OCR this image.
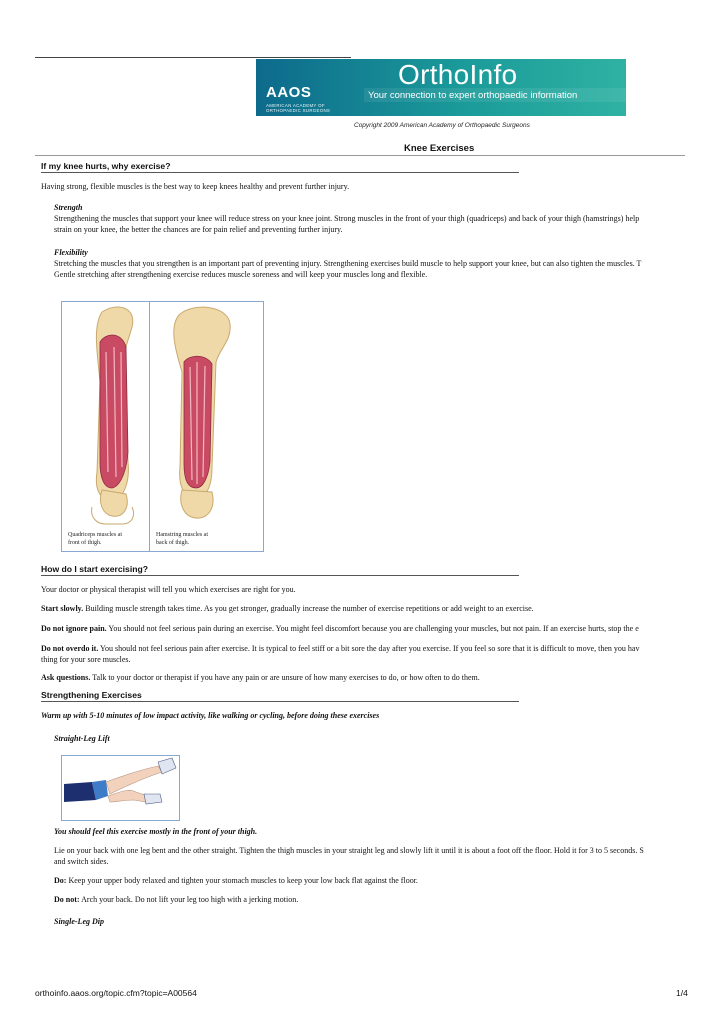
AAOS
AMERICAN ACADEMY OF
ORTHOPAEDIC SURGEONS
OrthoInfo
Your connection to expert orthopaedic information
Copyright 2009 American Academy of Orthopaedic Surgeons
Knee Exercises
If my knee hurts, why exercise?
Having strong, flexible muscles is the best way to keep knees healthy and prevent further injury.
Strength
Strengthening the muscles that support your knee will reduce stress on your knee joint. Strong muscles in the front of your thigh (quadriceps) and back of your thigh (hamstrings) help
strain on your knee, the better the chances are for pain relief and preventing further injury.
Flexibility
Stretching the muscles that you strengthen is an important part of preventing injury. Strengthening exercises build muscle to help support your knee, but can also tighten the muscles. T
Gentle stretching after strengthening exercise reduces muscle soreness and will keep your muscles long and flexible.
Quadriceps muscles at
front of thigh.
Hamstring muscles at
back of thigh.
How do I start exercising?
Your doctor or physical therapist will tell you which exercises are right for you.
Start slowly. Building muscle strength takes time. As you get stronger, gradually increase the number of exercise repetitions or add weight to an exercise.
Do not ignore pain. You should not feel serious pain during an exercise. You might feel discomfort because you are challenging your muscles, but not pain. If an exercise hurts, stop the e
Do not overdo it. You should not feel serious pain after exercise. It is typical to feel stiff or a bit sore the day after you exercise. If you feel so sore that it is difficult to move, then you hav
thing for your sore muscles.
Ask questions. Talk to your doctor or therapist if you have any pain or are unsure of how many exercises to do, or how often to do them.
Strengthening Exercises
Warm up with 5-10 minutes of low impact activity, like walking or cycling, before doing these exercises
Straight-Leg Lift
You should feel this exercise mostly in the front of your thigh.
Lie on your back with one leg bent and the other straight. Tighten the thigh muscles in your straight leg and slowly lift it until it is about a foot off the floor. Hold it for 3 to 5 seconds. S
and switch sides.
Do: Keep your upper body relaxed and tighten your stomach muscles to keep your low back flat against the floor.
Do not: Arch your back. Do not lift your leg too high with a jerking motion.
Single-Leg Dip
orthoinfo.aaos.org/topic.cfm?topic=A00564	1/4
